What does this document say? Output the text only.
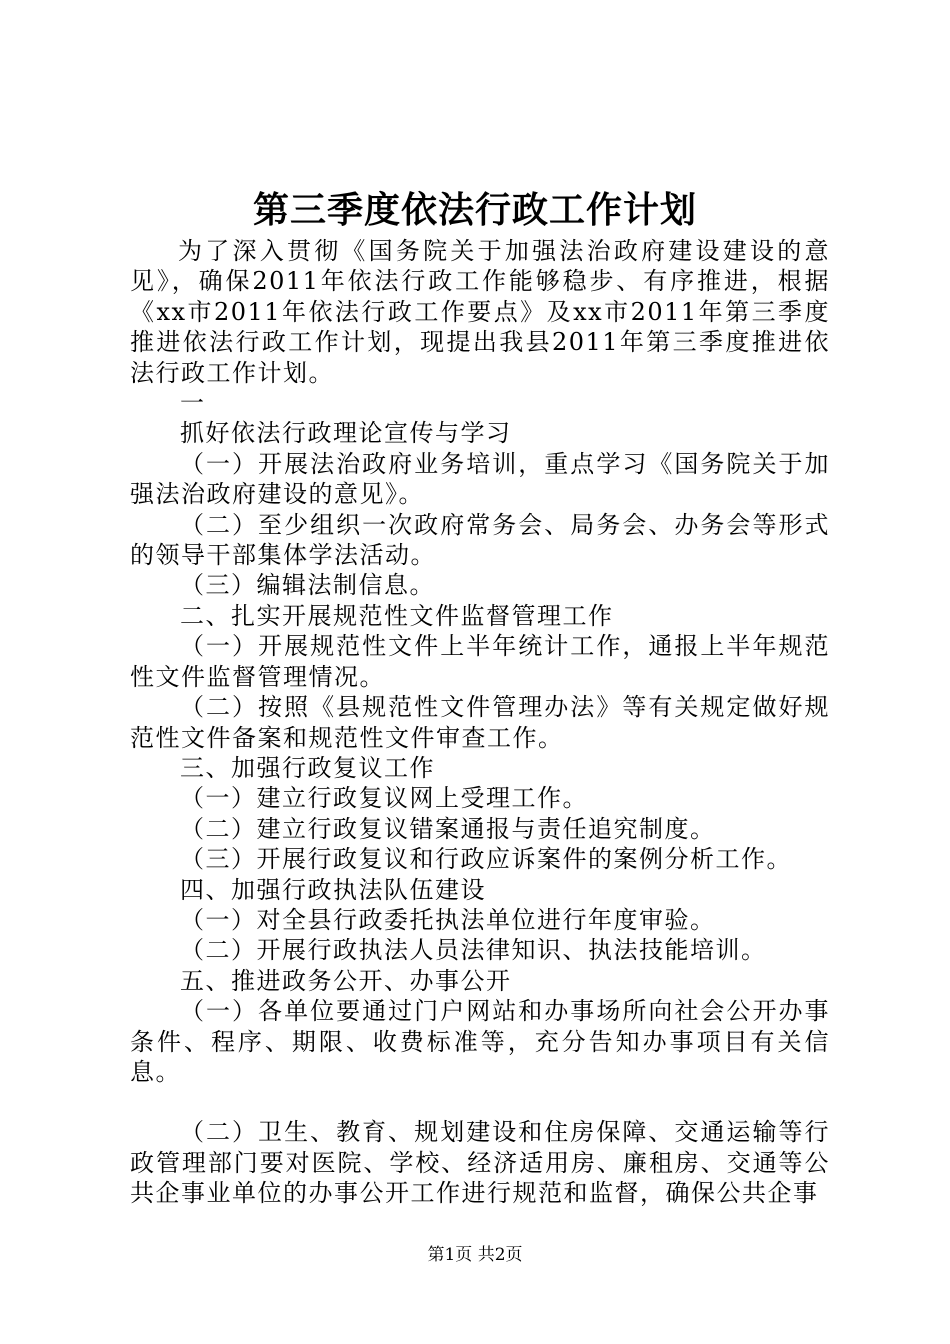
第三季度依法行政工作计划

为了深入贯彻《国务院关于加强法治政府建设建设的意见》，确保2011年依法行政工作能够稳步、有序推进，根据《xx市2011年依法行政工作要点》及xx市2011年第三季度推进依法行政工作计划，现提出我县2011年第三季度推进依法行政工作计划。

一

抓好依法行政理论宣传与学习

（一）开展法治政府业务培训，重点学习《国务院关于加强法治政府建设的意见》。

（二）至少组织一次政府常务会、局务会、办务会等形式的领导干部集体学法活动。

（三）编辑法制信息。

二、扎实开展规范性文件监督管理工作

（一）开展规范性文件上半年统计工作，通报上半年规范性文件监督管理情况。

（二）按照《县规范性文件管理办法》等有关规定做好规范性文件备案和规范性文件审查工作。

三、加强行政复议工作

（一）建立行政复议网上受理工作。

（二）建立行政复议错案通报与责任追究制度。

（三）开展行政复议和行政应诉案件的案例分析工作。

四、加强行政执法队伍建设

（一）对全县行政委托执法单位进行年度审验。

（二）开展行政执法人员法律知识、执法技能培训。

五、推进政务公开、办事公开

（一）各单位要通过门户网站和办事场所向社会公开办事条件、程序、期限、收费标准等，充分告知办事项目有关信息。

（二）卫生、教育、规划建设和住房保障、交通运输等行政管理部门要对医院、学校、经济适用房、廉租房、交通等公共企事业单位的办事公开工作进行规范和监督，确保公共企事

第1页 共2页
